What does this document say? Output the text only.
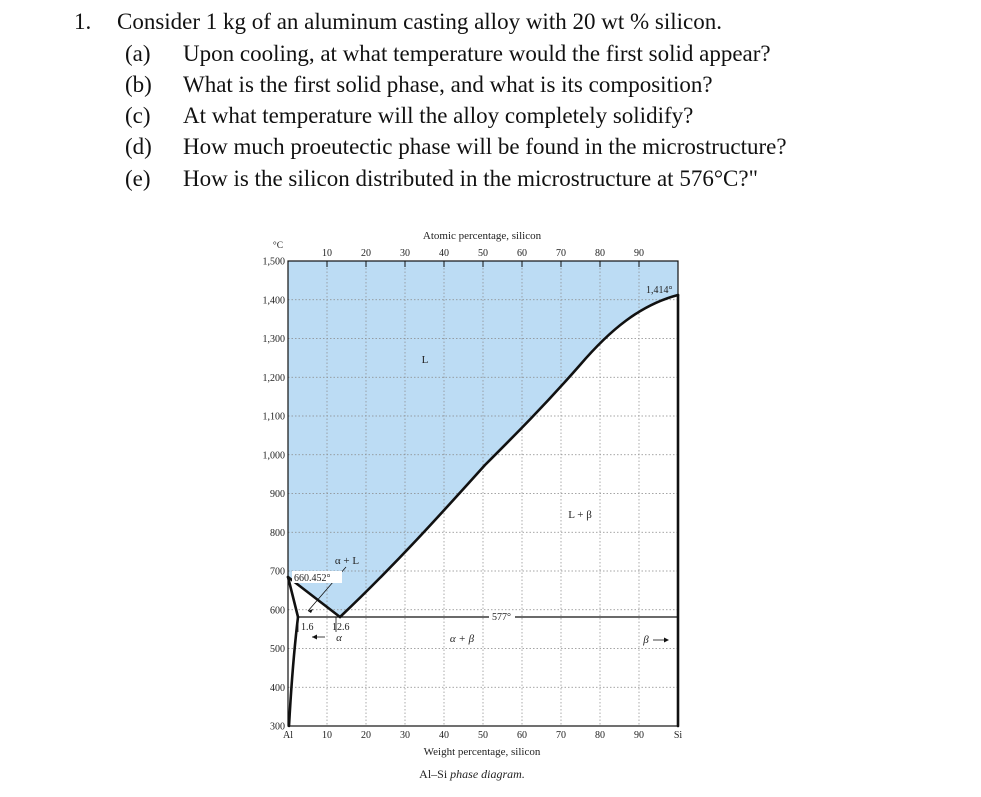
1. Consider 1 kg of an aluminum casting alloy with 20 wt % silicon.
(a) Upon cooling, at what temperature would the first solid appear?
(b) What is the first solid phase, and what is its composition?
(c) At what temperature will the alloy completely solidify?
(d) How much proeutectic phase will be found in the microstructure?
(e) How is the silicon distributed in the microstructure at 576°C?"
Atomic percentage, silicon
10	20	30	40	50	60	70	80	90
°C
1,500
1,400
1,300
1,200
1,100
1,000
900
800
700
600
500
400
300
Al	10	20	30	40	50	60	70	80	90	Si
Weight percentage, silicon
Al–Si phase diagram.
L
L + β
α + L
α + β
α	β
660.452°
1,414°
577°
1.6 12.6
